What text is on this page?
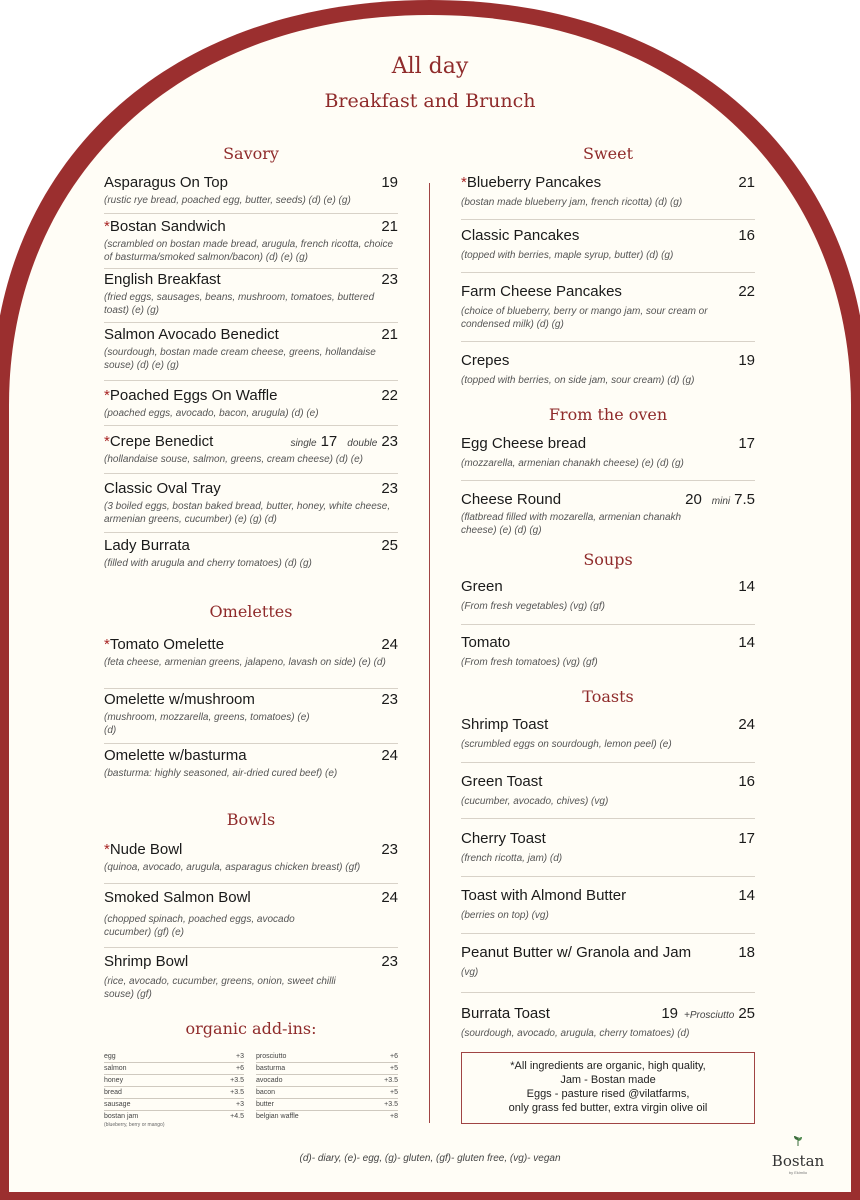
All day
Breakfast and Brunch
Savory
Asparagus On Top	19
(rustic rye bread, poached egg, butter, seeds) (d) (e) (g)
*Bostan Sandwich	21
(scrambled on bostan made bread, arugula, french ricotta, choice of basturma/smoked salmon/bacon) (d) (e) (g)
English Breakfast	23
(fried eggs, sausages, beans, mushroom, tomatoes, buttered toast) (e) (g)
Salmon Avocado Benedict	21
(sourdough, bostan made cream cheese, greens, hollandaise souse) (d) (e) (g)
*Poached Eggs On Waffle	22
(poached eggs, avocado, bacon, arugula) (d) (e)
*Crepe Benedict	single 17 double 23
(hollandaise souse, salmon, greens, cream cheese) (d) (e)
Classic Oval Tray	23
(3 boiled eggs, bostan baked bread, butter, honey, white cheese, armenian greens, cucumber) (e) (g) (d)
Lady Burrata	25
(filled with arugula and cherry tomatoes) (d) (g)
Omelettes
*Tomato Omelette	24
(feta cheese, armenian greens, jalapeno, lavash on side) (e) (d)
Omelette w/mushroom	23
(mushroom, mozzarella, greens, tomatoes) (e) (d)
Omelette w/basturma	24
(basturma: highly seasoned, air-dried cured beef) (e)
Bowls
*Nude Bowl	23
(quinoa, avocado, arugula, asparagus chicken breast) (gf)
Smoked Salmon Bowl	24
(chopped spinach, poached eggs, avocado cucumber) (gf) (e)
Shrimp Bowl	23
(rice, avocado, cucumber, greens, onion, sweet chilli souse) (gf)
organic add-ins:
egg	+3
salmon	+6
honey	+3.5
bread	+3.5
sausage	+3
bostan jam	+4.5
(blueberry, berry or mango)
prosciutto	+6
basturma	+5
avocado	+3.5
bacon	+5
butter	+3.5
belgian waffle	+8
Sweet
*Blueberry Pancakes	21
(bostan made blueberry jam, french ricotta) (d) (g)
Classic Pancakes	16
(topped with berries, maple syrup, butter) (d) (g)
Farm Cheese Pancakes	22
(choice of blueberry, berry or mango jam, sour cream or condensed milk) (d) (g)
Crepes	19
(topped with berries, on side jam, sour cream) (d) (g)
From the oven
Egg Cheese bread	17
(mozzarella, armenian chanakh cheese) (e) (d) (g)
Cheese Round	20 mini 7.5
(flatbread filled with mozarella, armenian chanakh cheese) (e) (d) (g)
Soups
Green	14
(From fresh vegetables) (vg) (gf)
Tomato	14
(From fresh tomatoes) (vg) (gf)
Toasts
Shrimp Toast	24
(scrumbled eggs on sourdough, lemon peel) (e)
Green Toast	16
(cucumber, avocado, chives) (vg)
Cherry Toast	17
(french ricotta, jam) (d)
Toast with Almond Butter	14
(berries on top) (vg)
Peanut Butter w/ Granola and Jam	18
(vg)
Burrata Toast	19 +Prosciutto 25
(sourdough, avocado, arugula, cherry tomatoes) (d)
*All ingredients are organic, high quality,
Jam - Bostan made
Eggs - pasture rised @vilatfarms,
only grass fed butter, extra virgin olive oil
(d)- diary, (e)- egg, (g)- gluten, (gf)- gluten free, (vg)- vegan	Bostan
by Ekimlio
